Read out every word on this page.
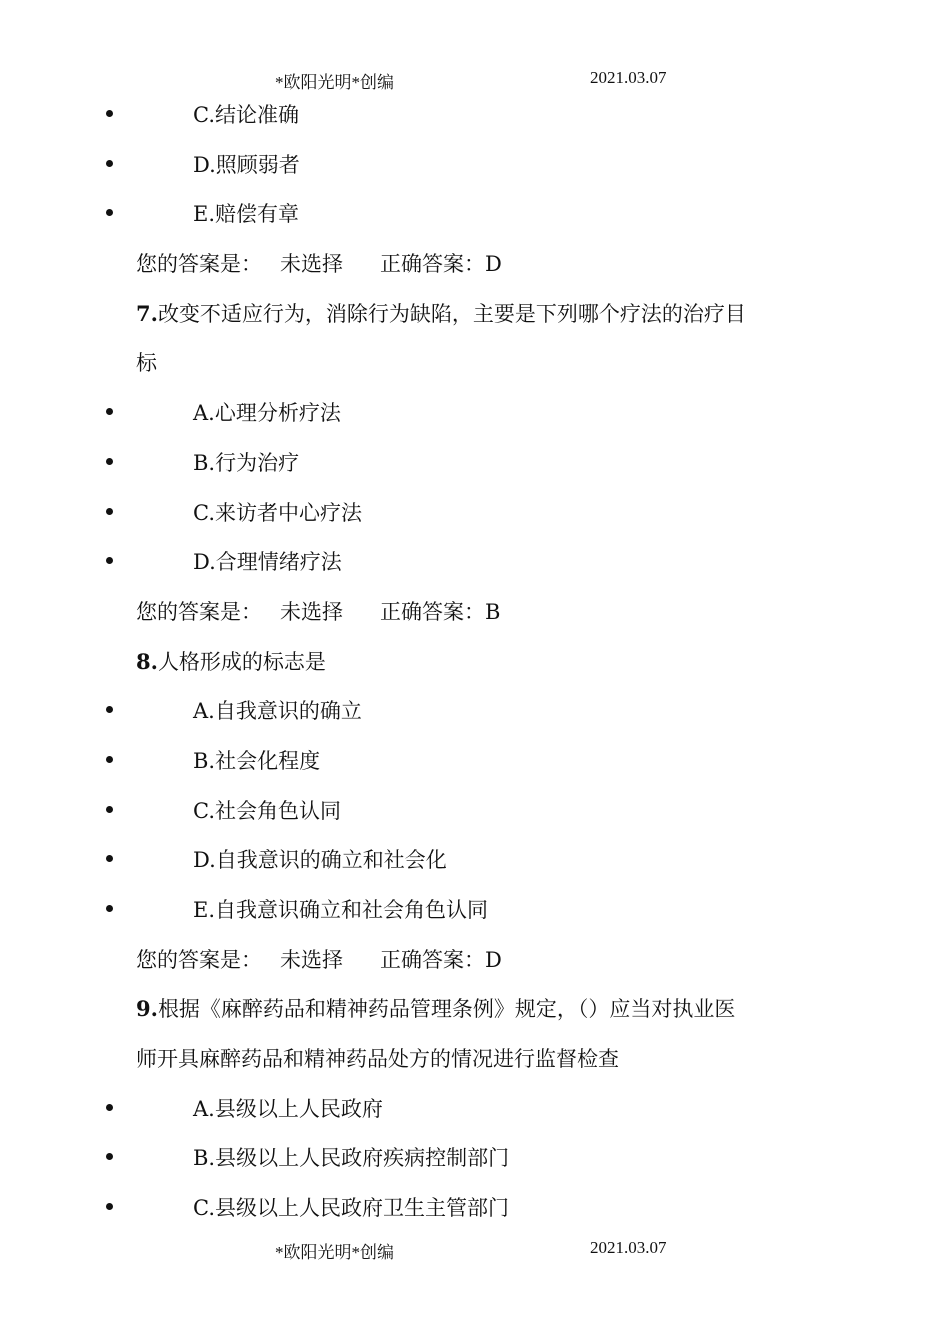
*欧阳光明*创编	2021.03.07
C.结论准确
D.照顾弱者
E.赔偿有章
您的答案是： 未选择 正确答案：D
7.改变不适应行为，消除行为缺陷，主要是下列哪个疗法的治疗目
标
A.心理分析疗法
B.行为治疗
C.来访者中心疗法
D.合理情绪疗法
您的答案是： 未选择 正确答案：B
8.人格形成的标志是
A.自我意识的确立
B.社会化程度
C.社会角色认同
D.自我意识的确立和社会化
E.自我意识确立和社会角色认同
您的答案是： 未选择 正确答案：D
9.根据《麻醉药品和精神药品管理条例》规定，（）应当对执业医
师开具麻醉药品和精神药品处方的情况进行监督检查
A.县级以上人民政府
B.县级以上人民政府疾病控制部门
C.县级以上人民政府卫生主管部门
*欧阳光明*创编	2021.03.07
